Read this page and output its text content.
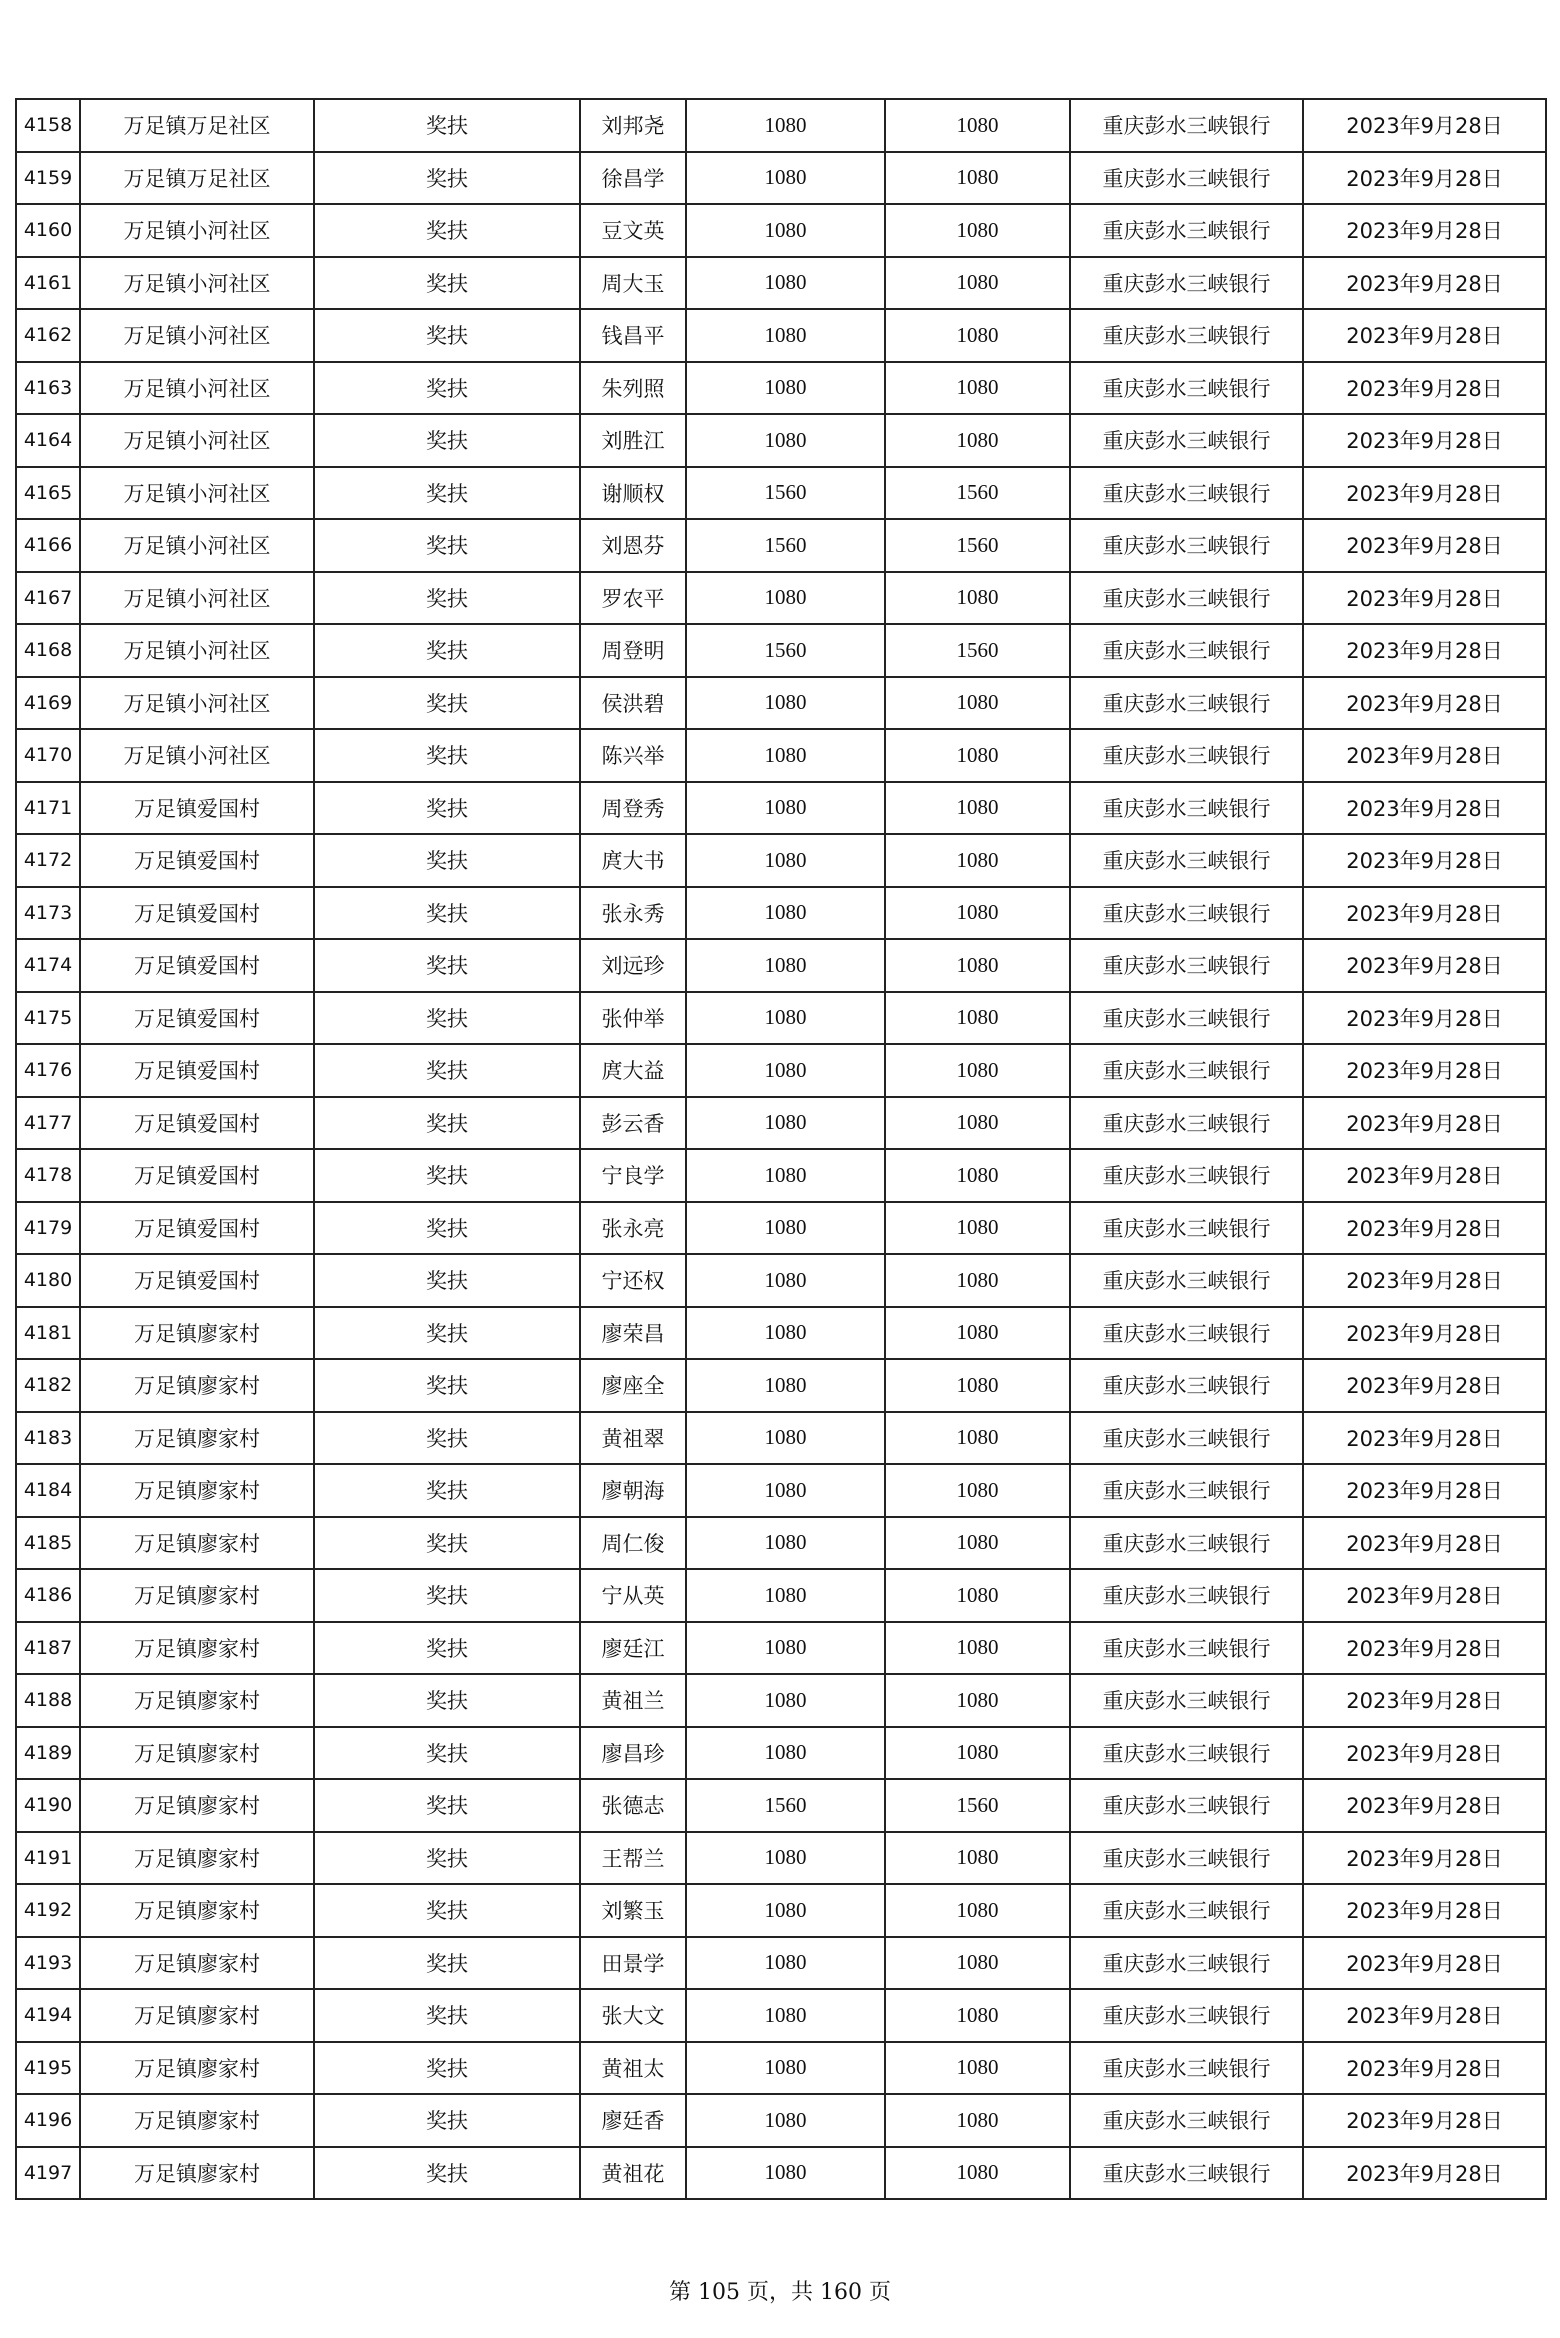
4158	万足镇万足社区	奖扶	刘邦尧	1080	1080	重庆彭水三峡银行	2023年9月28日
4159	万足镇万足社区	奖扶	徐昌学	1080	1080	重庆彭水三峡银行	2023年9月28日
4160	万足镇小河社区	奖扶	豆文英	1080	1080	重庆彭水三峡银行	2023年9月28日
4161	万足镇小河社区	奖扶	周大玉	1080	1080	重庆彭水三峡银行	2023年9月28日
4162	万足镇小河社区	奖扶	钱昌平	1080	1080	重庆彭水三峡银行	2023年9月28日
4163	万足镇小河社区	奖扶	朱列照	1080	1080	重庆彭水三峡银行	2023年9月28日
4164	万足镇小河社区	奖扶	刘胜江	1080	1080	重庆彭水三峡银行	2023年9月28日
4165	万足镇小河社区	奖扶	谢顺权	1560	1560	重庆彭水三峡银行	2023年9月28日
4166	万足镇小河社区	奖扶	刘恩芬	1560	1560	重庆彭水三峡银行	2023年9月28日
4167	万足镇小河社区	奖扶	罗农平	1080	1080	重庆彭水三峡银行	2023年9月28日
4168	万足镇小河社区	奖扶	周登明	1560	1560	重庆彭水三峡银行	2023年9月28日
4169	万足镇小河社区	奖扶	侯洪碧	1080	1080	重庆彭水三峡银行	2023年9月28日
4170	万足镇小河社区	奖扶	陈兴举	1080	1080	重庆彭水三峡银行	2023年9月28日
4171	万足镇爱国村	奖扶	周登秀	1080	1080	重庆彭水三峡银行	2023年9月28日
4172	万足镇爱国村	奖扶	庹大书	1080	1080	重庆彭水三峡银行	2023年9月28日
4173	万足镇爱国村	奖扶	张永秀	1080	1080	重庆彭水三峡银行	2023年9月28日
4174	万足镇爱国村	奖扶	刘远珍	1080	1080	重庆彭水三峡银行	2023年9月28日
4175	万足镇爱国村	奖扶	张仲举	1080	1080	重庆彭水三峡银行	2023年9月28日
4176	万足镇爱国村	奖扶	庹大益	1080	1080	重庆彭水三峡银行	2023年9月28日
4177	万足镇爱国村	奖扶	彭云香	1080	1080	重庆彭水三峡银行	2023年9月28日
4178	万足镇爱国村	奖扶	宁良学	1080	1080	重庆彭水三峡银行	2023年9月28日
4179	万足镇爱国村	奖扶	张永亮	1080	1080	重庆彭水三峡银行	2023年9月28日
4180	万足镇爱国村	奖扶	宁还权	1080	1080	重庆彭水三峡银行	2023年9月28日
4181	万足镇廖家村	奖扶	廖荣昌	1080	1080	重庆彭水三峡银行	2023年9月28日
4182	万足镇廖家村	奖扶	廖座全	1080	1080	重庆彭水三峡银行	2023年9月28日
4183	万足镇廖家村	奖扶	黄祖翠	1080	1080	重庆彭水三峡银行	2023年9月28日
4184	万足镇廖家村	奖扶	廖朝海	1080	1080	重庆彭水三峡银行	2023年9月28日
4185	万足镇廖家村	奖扶	周仁俊	1080	1080	重庆彭水三峡银行	2023年9月28日
4186	万足镇廖家村	奖扶	宁从英	1080	1080	重庆彭水三峡银行	2023年9月28日
4187	万足镇廖家村	奖扶	廖廷江	1080	1080	重庆彭水三峡银行	2023年9月28日
4188	万足镇廖家村	奖扶	黄祖兰	1080	1080	重庆彭水三峡银行	2023年9月28日
4189	万足镇廖家村	奖扶	廖昌珍	1080	1080	重庆彭水三峡银行	2023年9月28日
4190	万足镇廖家村	奖扶	张德志	1560	1560	重庆彭水三峡银行	2023年9月28日
4191	万足镇廖家村	奖扶	王帮兰	1080	1080	重庆彭水三峡银行	2023年9月28日
4192	万足镇廖家村	奖扶	刘繁玉	1080	1080	重庆彭水三峡银行	2023年9月28日
4193	万足镇廖家村	奖扶	田景学	1080	1080	重庆彭水三峡银行	2023年9月28日
4194	万足镇廖家村	奖扶	张大文	1080	1080	重庆彭水三峡银行	2023年9月28日
4195	万足镇廖家村	奖扶	黄祖太	1080	1080	重庆彭水三峡银行	2023年9月28日
4196	万足镇廖家村	奖扶	廖廷香	1080	1080	重庆彭水三峡银行	2023年9月28日
4197	万足镇廖家村	奖扶	黄祖花	1080	1080	重庆彭水三峡银行	2023年9月28日
第 105 页，共 160 页
